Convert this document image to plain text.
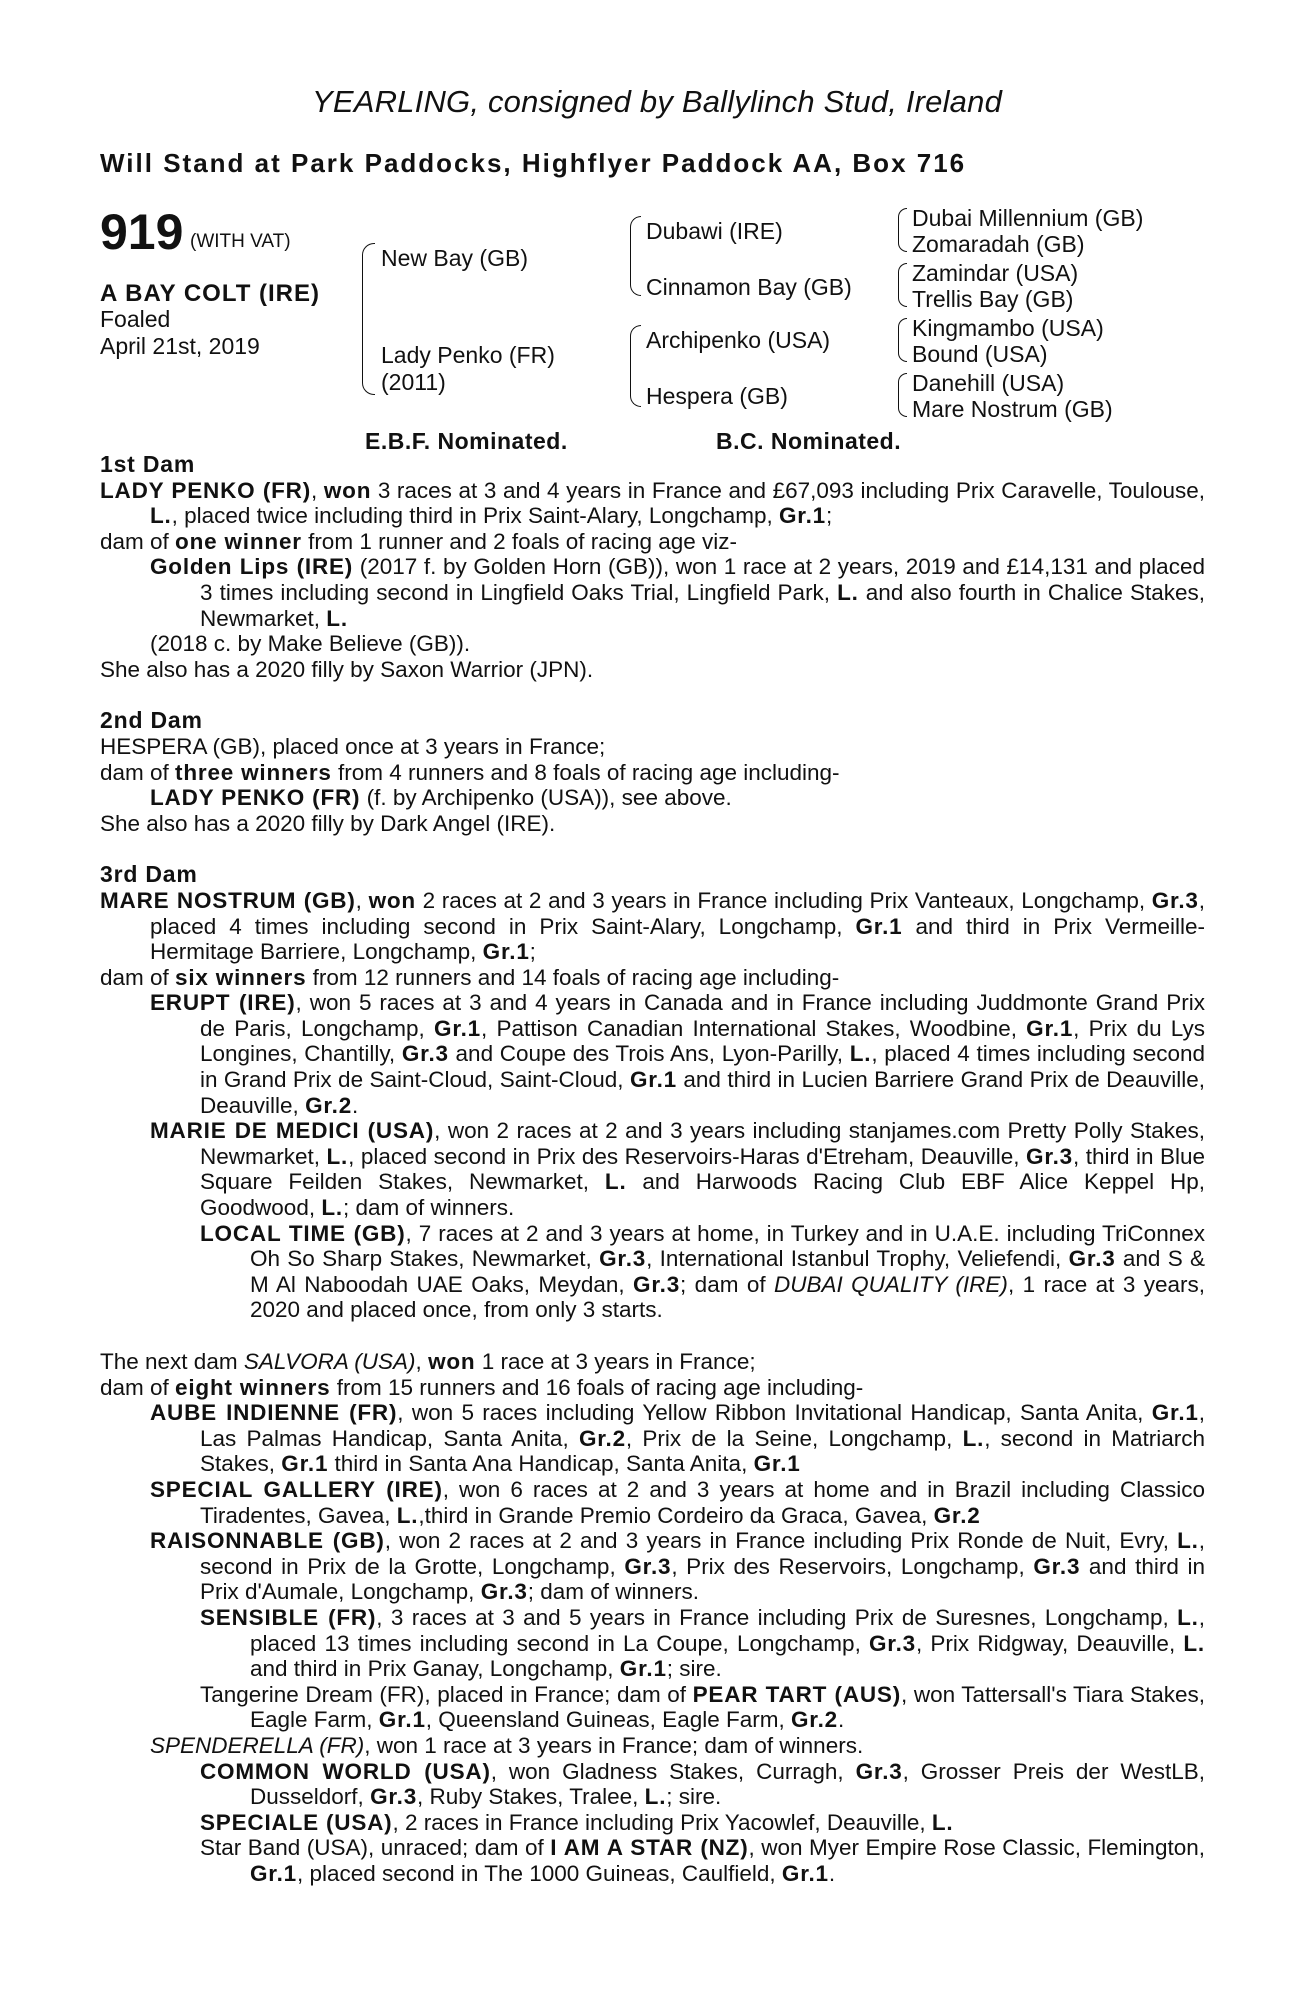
YEARLING, consigned by Ballylinch Stud, Ireland
Will Stand at Park Paddocks, Highflyer Paddock AA, Box 716
919 (WITH VAT)
A BAY COLT (IRE)
Foaled
April 21st, 2019
New Bay (GB)
Lady Penko (FR)
(2011)
Dubawi (IRE)
Cinnamon Bay (GB)
Archipenko (USA)
Hespera (GB)
Dubai Millennium (GB)
Zomaradah (GB)
Zamindar (USA)
Trellis Bay (GB)
Kingmambo (USA)
Bound (USA)
Danehill (USA)
Mare Nostrum (GB)
E.B.F. Nominated.	B.C. Nominated.

1st Dam

LADY PENKO (FR), won 3 races at 3 and 4 years in France and £67,093 including Prix Caravelle, Toulouse, L., placed twice including third in Prix Saint-Alary, Longchamp, Gr.1;

dam of one winner from 1 runner and 2 foals of racing age viz-

Golden Lips (IRE) (2017 f. by Golden Horn (GB)), won 1 race at 2 years, 2019 and £14,131 and placed 3 times including second in Lingfield Oaks Trial, Lingfield Park, L. and also fourth in Chalice Stakes, Newmarket, L.

(2018 c. by Make Believe (GB)).

She also has a 2020 filly by Saxon Warrior (JPN).

2nd Dam

HESPERA (GB), placed once at 3 years in France;

dam of three winners from 4 runners and 8 foals of racing age including-

LADY PENKO (FR) (f. by Archipenko (USA)), see above.

She also has a 2020 filly by Dark Angel (IRE).

3rd Dam

MARE NOSTRUM (GB), won 2 races at 2 and 3 years in France including Prix Vanteaux, Longchamp, Gr.3, placed 4 times including second in Prix Saint-Alary, Longchamp, Gr.1 and third in Prix Vermeille-Hermitage Barriere, Longchamp, Gr.1;

dam of six winners from 12 runners and 14 foals of racing age including-

ERUPT (IRE), won 5 races at 3 and 4 years in Canada and in France including Juddmonte Grand Prix de Paris, Longchamp, Gr.1, Pattison Canadian International Stakes, Woodbine, Gr.1, Prix du Lys Longines, Chantilly, Gr.3 and Coupe des Trois Ans, Lyon-Parilly, L., placed 4 times including second in Grand Prix de Saint-Cloud, Saint-Cloud, Gr.1 and third in Lucien Barriere Grand Prix de Deauville, Deauville, Gr.2.

MARIE DE MEDICI (USA), won 2 races at 2 and 3 years including stanjames.com Pretty Polly Stakes, Newmarket, L., placed second in Prix des Reservoirs-Haras d'Etreham, Deauville, Gr.3, third in Blue Square Feilden Stakes, Newmarket, L. and Harwoods Racing Club EBF Alice Keppel Hp, Goodwood, L.; dam of winners.

LOCAL TIME (GB), 7 races at 2 and 3 years at home, in Turkey and in U.A.E. including TriConnex Oh So Sharp Stakes, Newmarket, Gr.3, International Istanbul Trophy, Veliefendi, Gr.3 and S & M Al Naboodah UAE Oaks, Meydan, Gr.3; dam of DUBAI QUALITY (IRE), 1 race at 3 years, 2020 and placed once, from only 3 starts.

The next dam SALVORA (USA), won 1 race at 3 years in France;

dam of eight winners from 15 runners and 16 foals of racing age including-

AUBE INDIENNE (FR), won 5 races including Yellow Ribbon Invitational Handicap, Santa Anita, Gr.1, Las Palmas Handicap, Santa Anita, Gr.2, Prix de la Seine, Longchamp, L., second in Matriarch Stakes, Gr.1 third in Santa Ana Handicap, Santa Anita, Gr.1

SPECIAL GALLERY (IRE), won 6 races at 2 and 3 years at home and in Brazil including Classico Tiradentes, Gavea, L.,third in Grande Premio Cordeiro da Graca, Gavea, Gr.2

RAISONNABLE (GB), won 2 races at 2 and 3 years in France including Prix Ronde de Nuit, Evry, L., second in Prix de la Grotte, Longchamp, Gr.3, Prix des Reservoirs, Longchamp, Gr.3 and third in Prix d'Aumale, Longchamp, Gr.3; dam of winners.

SENSIBLE (FR), 3 races at 3 and 5 years in France including Prix de Suresnes, Longchamp, L., placed 13 times including second in La Coupe, Longchamp, Gr.3, Prix Ridgway, Deauville, L. and third in Prix Ganay, Longchamp, Gr.1; sire.

Tangerine Dream (FR), placed in France; dam of PEAR TART (AUS), won Tattersall's Tiara Stakes, Eagle Farm, Gr.1, Queensland Guineas, Eagle Farm, Gr.2.

SPENDERELLA (FR), won 1 race at 3 years in France; dam of winners.

COMMON WORLD (USA), won Gladness Stakes, Curragh, Gr.3, Grosser Preis der WestLB, Dusseldorf, Gr.3, Ruby Stakes, Tralee, L.; sire.

SPECIALE (USA), 2 races in France including Prix Yacowlef, Deauville, L.

Star Band (USA), unraced; dam of I AM A STAR (NZ), won Myer Empire Rose Classic, Flemington, Gr.1, placed second in The 1000 Guineas, Caulfield, Gr.1.
